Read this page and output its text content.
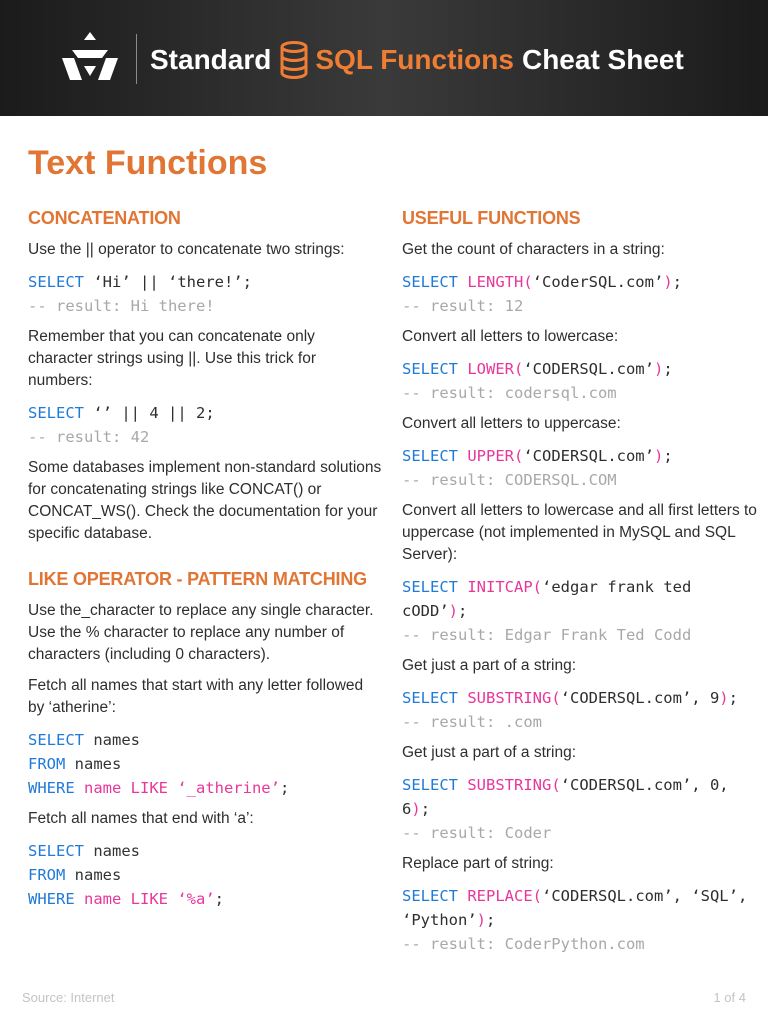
Standard SQL Functions Cheat Sheet
Text Functions
CONCATENATION

Use the || operator to concatenate two strings:

SELECT ‘Hi’ || ‘there!’;
-- result: Hi there!

Remember that you can concatenate only character strings using ||. Use this trick for numbers:

SELECT ‘’ || 4 || 2;
-- result: 42

Some databases implement non-standard solutions for concatenating strings like CONCAT() or CONCAT_WS(). Check the documentation for your specific database.

LIKE OPERATOR - PATTERN MATCHING

Use the_character to replace any single character. Use the % character to replace any number of characters (including 0 characters).

Fetch all names that start with any letter followed by ‘atherine’:

SELECT names
FROM names
WHERE name LIKE ‘_atherine’;

Fetch all names that end with ‘a’:

SELECT names
FROM names
WHERE name LIKE ‘%a’;
USEFUL FUNCTIONS

Get the count of characters in a string:

SELECT LENGTH(‘CoderSQL.com’);
-- result: 12

Convert all letters to lowercase:

SELECT LOWER(‘CODERSQL.com’);
-- result: codersql.com

Convert all letters to uppercase:

SELECT UPPER(‘CODERSQL.com’);
-- result: CODERSQL.COM

Convert all letters to lowercase and all first letters to uppercase (not implemented in MySQL and SQL Server):

SELECT INITCAP(‘edgar frank ted cODD’);
-- result: Edgar Frank Ted Codd

Get just a part of a string:

SELECT SUBSTRING(‘CODERSQL.com’, 9);
-- result: .com

Get just a part of a string:

SELECT SUBSTRING(‘CODERSQL.com’, 0, 6);
-- result: Coder

Replace part of string:

SELECT REPLACE(‘CODERSQL.com’, ‘SQL’, ‘Python’);
-- result: CoderPython.com
Source: Internet	1 of 4
